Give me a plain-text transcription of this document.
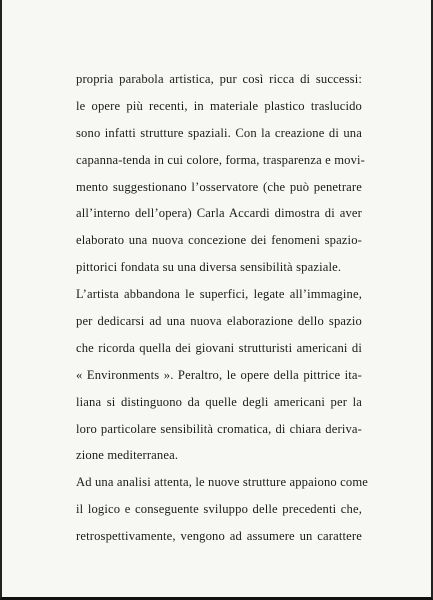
propria parabola artistica, pur così ricca di successi:
le opere più recenti, in materiale plastico traslucido
sono infatti strutture spaziali. Con la creazione di una
capanna-tenda in cui colore, forma, trasparenza e movi-
mento suggestionano l’osservatore (che può penetrare
all’interno dell’opera) Carla Accardi dimostra di aver
elaborato una nuova concezione dei fenomeni spazio-
pittorici fondata su una diversa sensibilità spaziale.
L’artista abbandona le superfici, legate all’immagine,
per dedicarsi ad una nuova elaborazione dello spazio
che ricorda quella dei giovani strutturisti americani di
« Environments ». Peraltro, le opere della pittrice ita-
liana si distinguono da quelle degli americani per la
loro particolare sensibilità cromatica, di chiara deriva-
zione mediterranea.
Ad una analisi attenta, le nuove strutture appaiono come
il logico e conseguente sviluppo delle precedenti che,
retrospettivamente, vengono ad assumere un carattere
